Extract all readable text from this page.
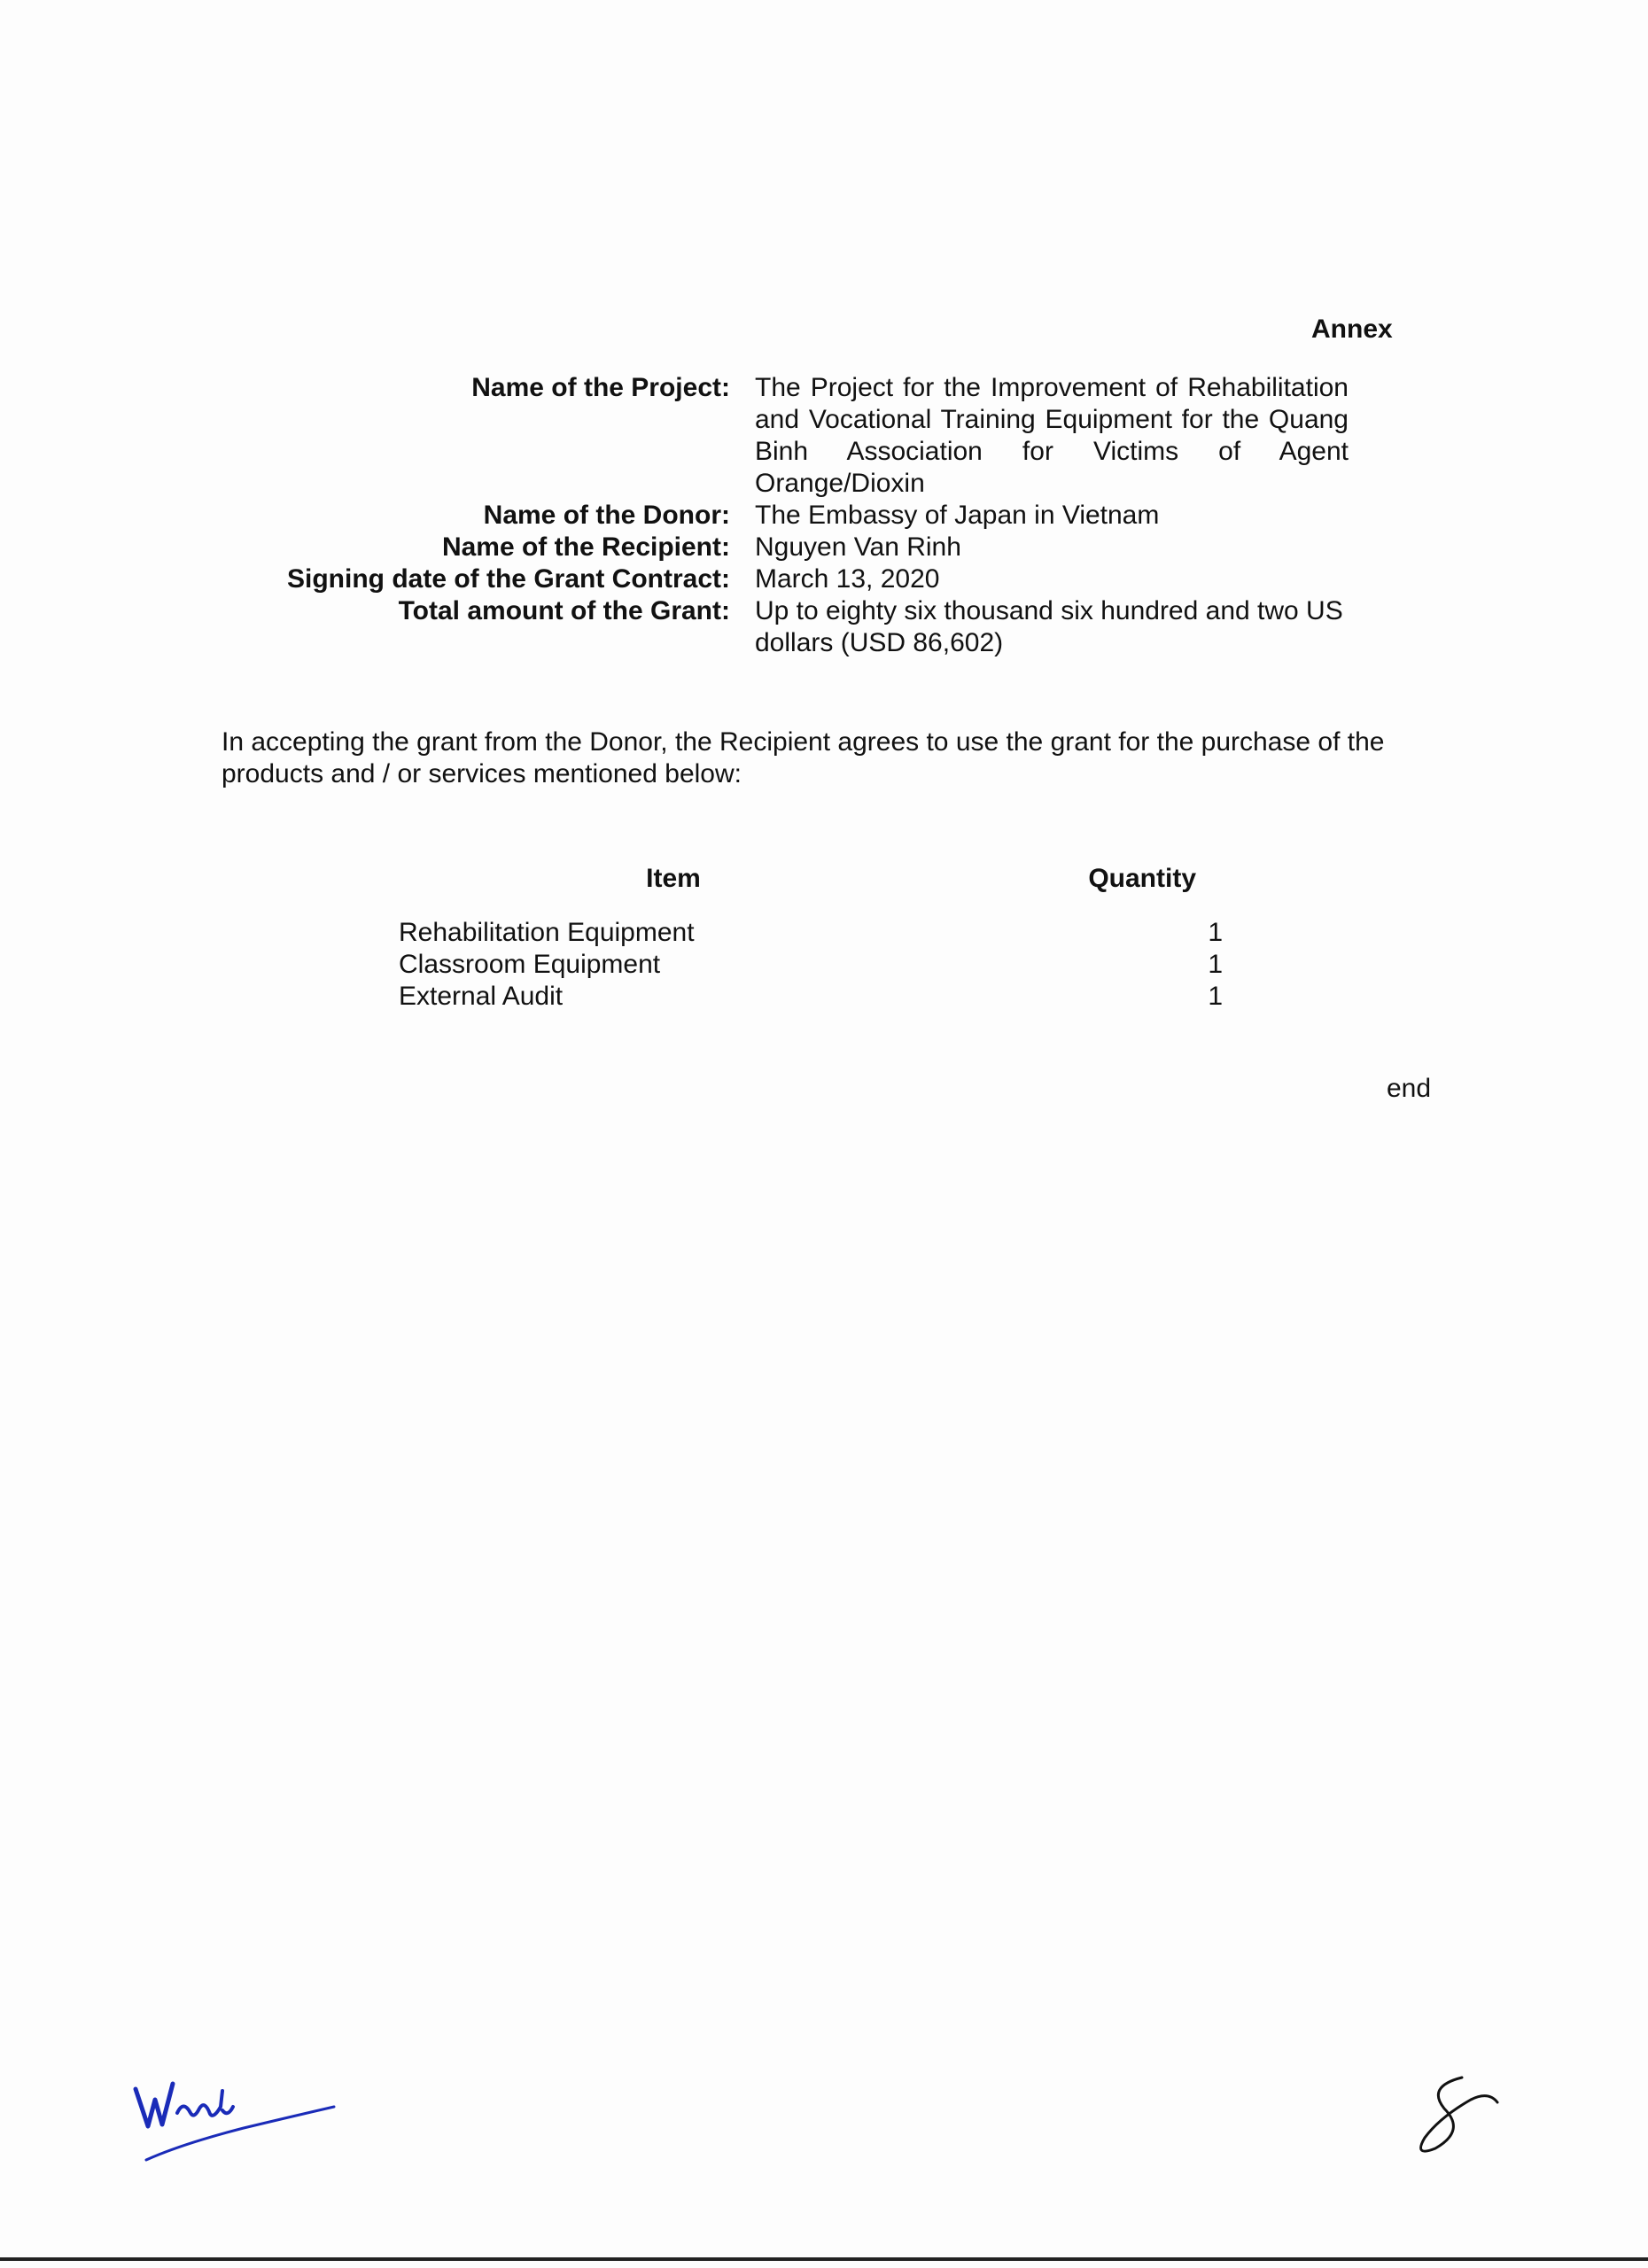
Annex
Name of the Project: The Project for the Improvement of Rehabilitation and Vocational Training Equipment for the Quang Binh Association for Victims of Agent Orange/Dioxin
Name of the Donor: The Embassy of Japan in Vietnam
Name of the Recipient: Nguyen Van Rinh
Signing date of the Grant Contract: March 13, 2020
Total amount of the Grant: Up to eighty six thousand six hundred and two US dollars (USD 86,602)
In accepting the grant from the Donor, the Recipient agrees to use the grant for the purchase of the products and / or services mentioned below:
Item	Quantity
Rehabilitation Equipment	1
Classroom Equipment	1
External Audit	1
end
